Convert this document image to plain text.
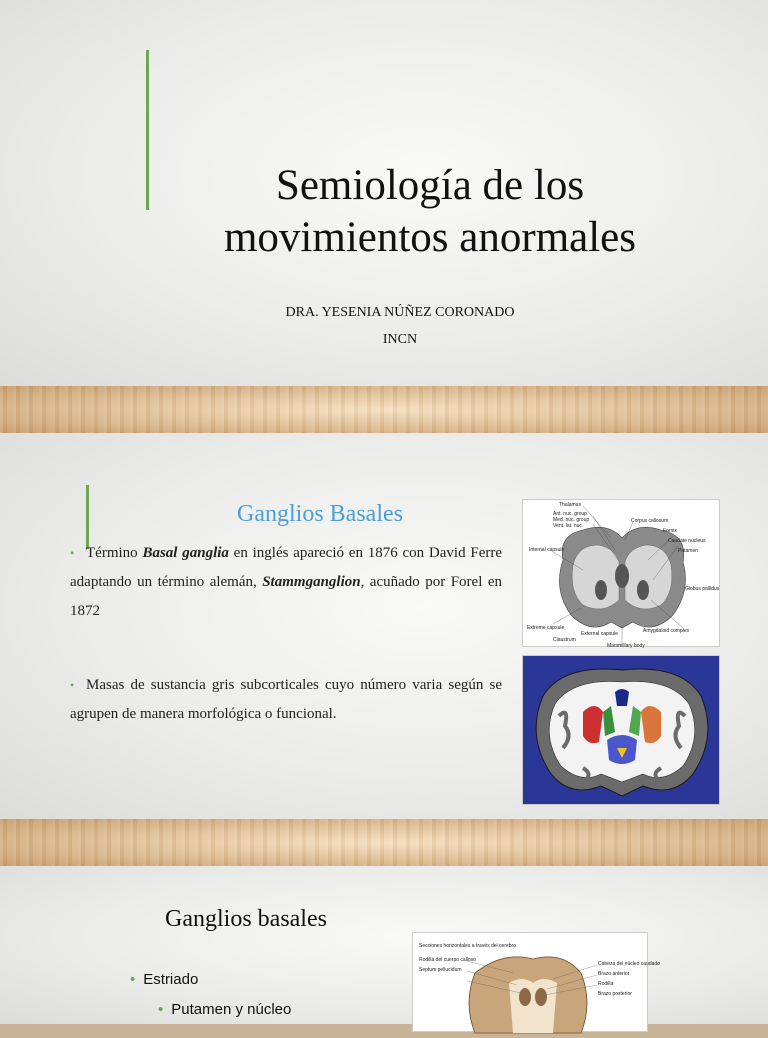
Semiología de los
movimientos anormales
DRA. YESENIA NÚÑEZ CORONADO
INCN
Ganglios Basales
• Término Basal ganglia en inglés apareció en 1876 con David Ferre adaptando un término alemán, Stammganglion, acuñado por Forel en 1872
• Masas de sustancia gris subcorticales cuyo número varia según se agrupen de manera morfológica o funcional.
Thalamus
Ant. nuc. group
Med. nuc. group
Vent. lat. nuc.
Corpus callosum
Fornix
Internal capsule
Caudate nucleus
Putamen
Globus pallidus
Extreme capsule
External capsule
Claustrum
Amygdaloid complex
Mammillary body
Ganglios basales
• Estriado
• Putamen y núcleo
Secciones horizontales a través del cerebro
Rodilla del cuerpo calloso
Septum pellucidum
Cabeza del núcleo caudado
Brazo anterior
Rodilla
Brazo posterior
